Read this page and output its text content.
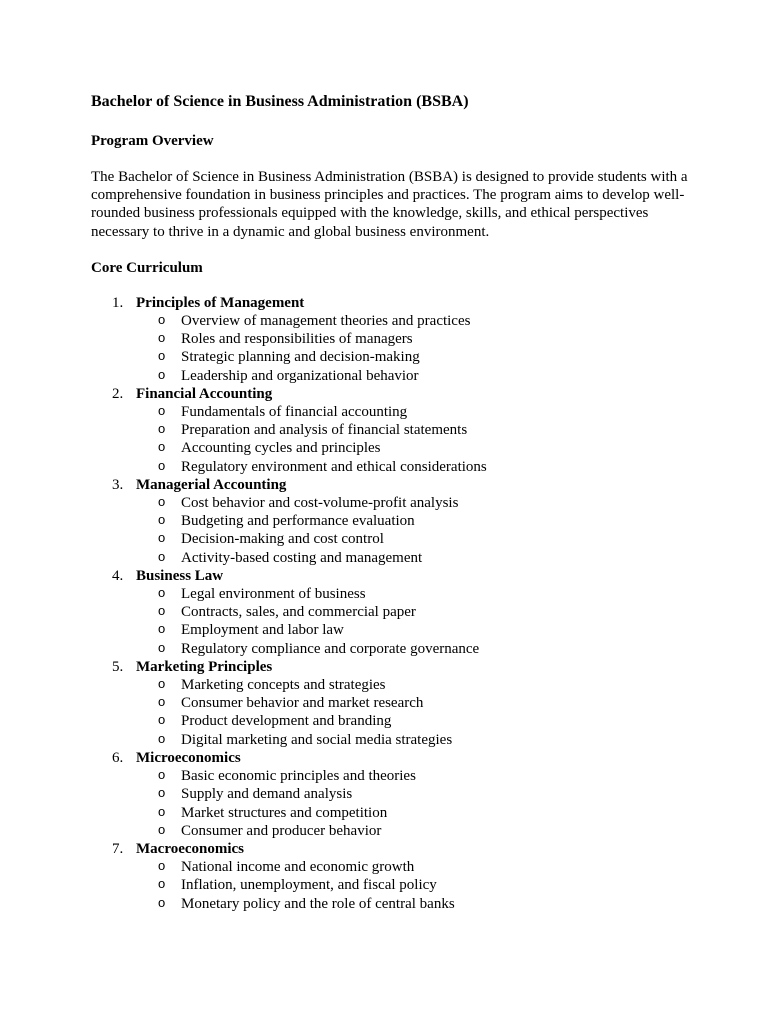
Bachelor of Science in Business Administration (BSBA)
Program Overview

The Bachelor of Science in Business Administration (BSBA) is designed to provide students with a comprehensive foundation in business principles and practices. The program aims to develop well-rounded business professionals equipped with the knowledge, skills, and ethical perspectives necessary to thrive in a dynamic and global business environment.

Core Curriculum
1. Principles of Management
o Overview of management theories and practices
o Roles and responsibilities of managers
o Strategic planning and decision-making
o Leadership and organizational behavior
2. Financial Accounting
o Fundamentals of financial accounting
o Preparation and analysis of financial statements
o Accounting cycles and principles
o Regulatory environment and ethical considerations
3. Managerial Accounting
o Cost behavior and cost-volume-profit analysis
o Budgeting and performance evaluation
o Decision-making and cost control
o Activity-based costing and management
4. Business Law
o Legal environment of business
o Contracts, sales, and commercial paper
o Employment and labor law
o Regulatory compliance and corporate governance
5. Marketing Principles
o Marketing concepts and strategies
o Consumer behavior and market research
o Product development and branding
o Digital marketing and social media strategies
6. Microeconomics
o Basic economic principles and theories
o Supply and demand analysis
o Market structures and competition
o Consumer and producer behavior
7. Macroeconomics
o National income and economic growth
o Inflation, unemployment, and fiscal policy
o Monetary policy and the role of central banks
